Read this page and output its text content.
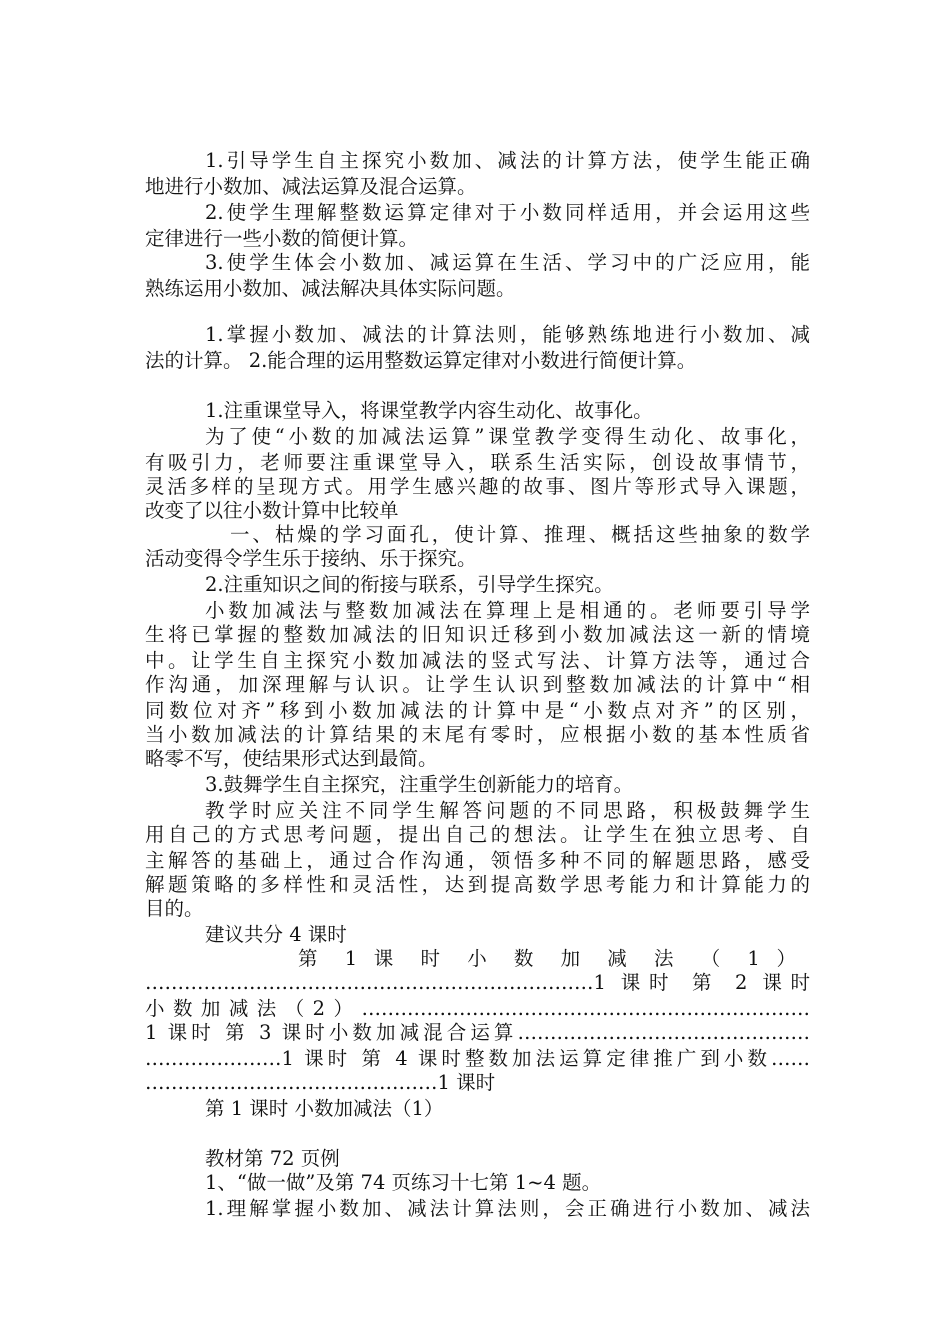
1.引导学生自主探究小数加、减法的计算方法，使学生能正确
地进行小数加、减法运算及混合运算。
2.使学生理解整数运算定律对于小数同样适用，并会运用这些
定律进行一些小数的简便计算。
3.使学生体会小数加、减运算在生活、学习中的广泛应用，能
熟练运用小数加、减法解决具体实际问题。
1.掌握小数加、减法的计算法则，能够熟练地进行小数加、减
法的计算。 2.能合理的运用整数运算定律对小数进行简便计算。
1.注重课堂导入，将课堂教学内容生动化、故事化。
为了使“小数的加减法运算”课堂教学变得生动化、故事化，
有吸引力，老师要注重课堂导入，联系生活实际，创设故事情节，
灵活多样的呈现方式。用学生感兴趣的故事、图片等形式导入课题，
改变了以往小数计算中比较单
一、枯燥的学习面孔，使计算、推理、概括这些抽象的数学
活动变得令学生乐于接纳、乐于探究。
2.注重知识之间的衔接与联系，引导学生探究。
小数加减法与整数加减法在算理上是相通的。老师要引导学
生将已掌握的整数加减法的旧知识迁移到小数加减法这一新的情境
中。让学生自主探究小数加减法的竖式写法、计算方法等，通过合
作沟通，加深理解与认识。让学生认识到整数加减法的计算中“相
同数位对齐”移到小数加减法的计算中是“小数点对齐”的区别，
当小数加减法的计算结果的末尾有零时，应根据小数的基本性质省
略零不写，使结果形式达到最简。
3.鼓舞学生自主探究，注重学生创新能力的培育。
教学时应关注不同学生解答问题的不同思路，积极鼓舞学生
用自己的方式思考问题，提出自己的想法。让学生在独立思考、自
主解答的基础上，通过合作沟通，领悟多种不同的解题思路，感受
解题策略的多样性和灵活性，达到提高数学思考能力和计算能力的
目的。
建议共分 4 课时
第 1 课 时 小 数 加 减 法 （ 1 ）
……………………………………………………………1 课时 第 2 课时
小数加减法（2）……………………………………………………………
1 课时 第 3 课时小数加减混合运算………………………………………
…………………1 课时 第 4 课时整数加法运算定律推广到小数……
………………………………………1 课时
第 1 课时 小数加减法（1）
教材第 72 页例
1、“做一做”及第 74 页练习十七第 1~4 题。
1.理解掌握小数加、减法计算法则，会正确进行小数加、减法
